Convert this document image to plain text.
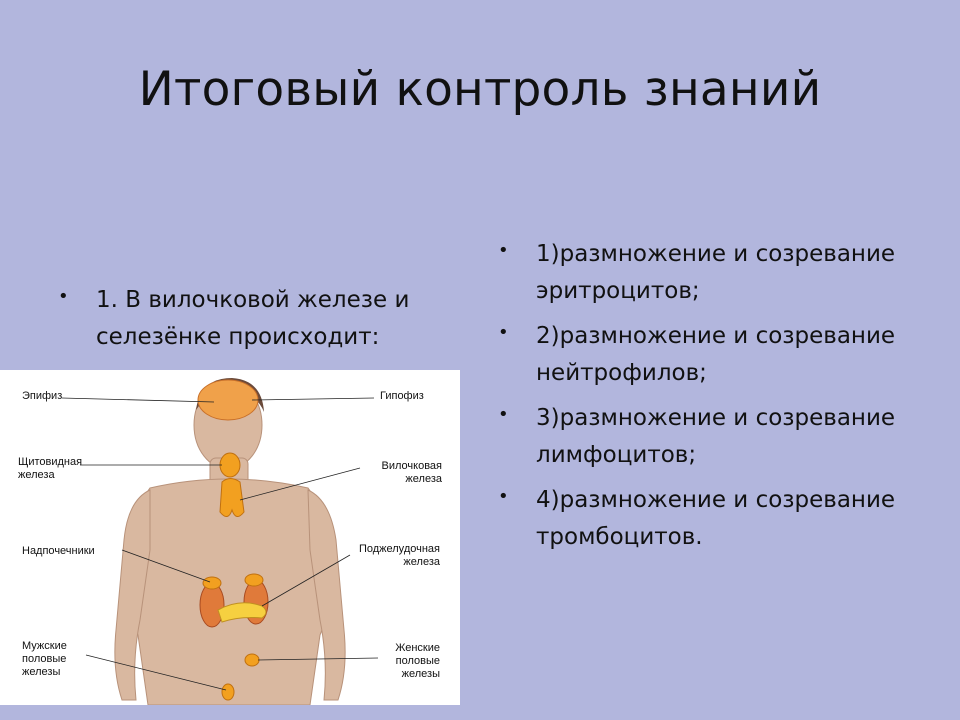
Итоговый контроль знаний
• 1. В вилочковой железе и селезёнке происходит:
• 1)размножение и созревание эритроцитов;
• 2)размножение и созревание нейтрофилов;
• 3)размножение и созревание лимфоцитов;
• 4)размножение и созревание тромбоцитов.
Эпифиз	Гипофиз
Щитовидная железа
Вилочковая железа
Надпочечники	Поджелудочная железа
Мужские половые железы
Женские половые железы
